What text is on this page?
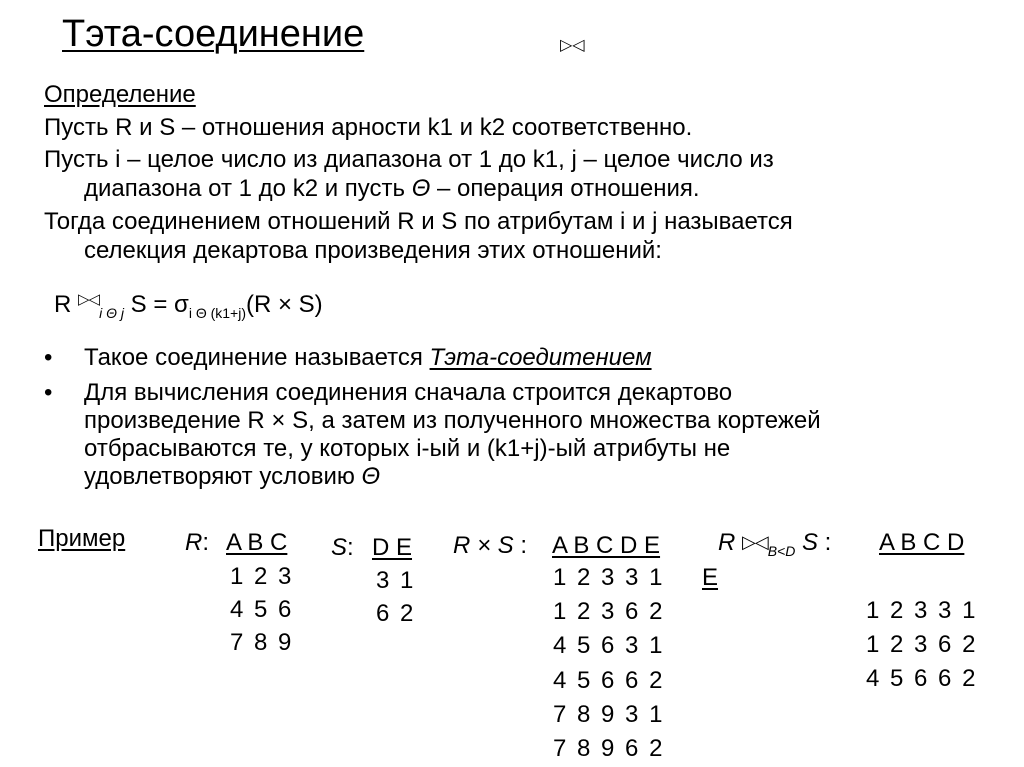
Тэта-соединение	▷◁
Определение
Пусть R и S – отношения арности k1 и k2 соответственно.
Пусть i – целое число из диапазона от 1 до k1, j – целое число из
диапазона от 1 до k2 и пусть Θ – операция отношения.
Тогда соединением отношений R и S по атрибутам i и j называется
селекция декартова произведения этих отношений:
R ▷◁$_{i \Theta j}$ $S = \sigma_{i \Theta (k1+j)}(R \times S)$
• Такое соединение называется Тэта-соедитением
• Для вычисления соединения сначала строится декартово
произведение R × S, а затем из полученного множества кортежей
отбрасываются те, у которых i-ый и (k1+j)-ый атрибуты не
удовлетворяют условию Θ
Пример R: A B C
1 2 3
4 5 6
7 8 9
S: D E
3 1
6 2
R × S : A B C D E
1 2 3 3 1
1 2 3 6 2
4 5 6 3 1
4 5 6 6 2
7 8 9 3 1
7 8 9 6 2
R $▷◁_{B<D}$ S : A B C D
E
1 2 3 3 1
1 2 3 6 2
4 5 6 6 2
